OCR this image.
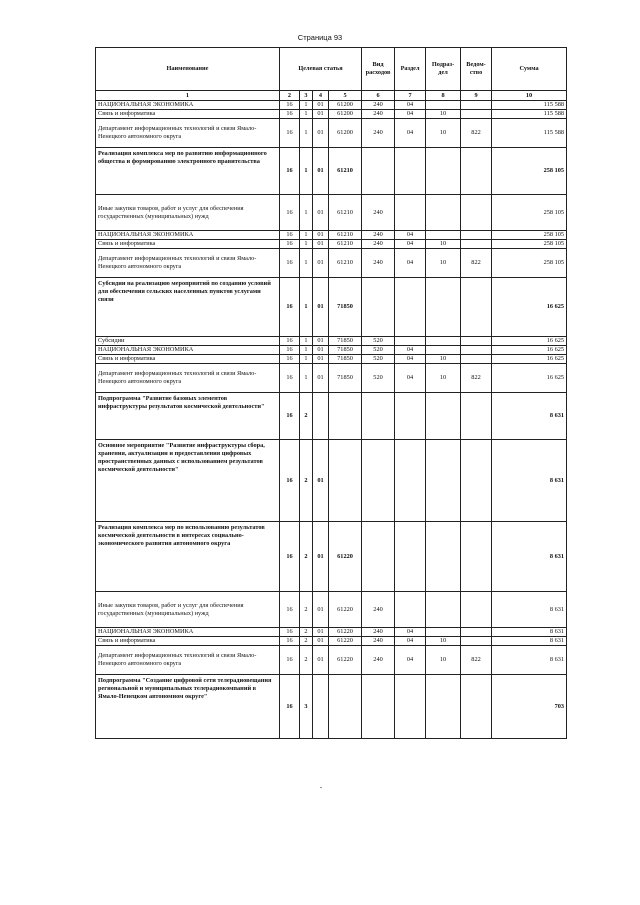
Страница 93
Наименование	Целевая статья				Вид расходов	Раздел	Подраз-дел	Ведом-ство	Сумма
1	2	3	4	5	6	7	8	9	10
НАЦИОНАЛЬНАЯ ЭКОНОМИКА	16	1	01	61200	240	04			115 588
Связь и информатика	16	1	01	61200	240	04	10		115 588
Департамент информационных технологий и связи Ямало-Ненецкого автономного округа	16	1	01	61200	240	04	10	822	115 588
Реализация комплекса мер по развитию информационного общества и формированию электронного правительства	16	1	01	61210					258 105
Иные закупки товаров, работ и услуг для обеспечения государственных (муниципальных) нужд	16	1	01	61210	240				258 105
НАЦИОНАЛЬНАЯ ЭКОНОМИКА	16	1	01	61210	240	04			258 105
Связь и информатика	16	1	01	61210	240	04	10		258 105
Департамент информационных технологий и связи Ямало-Ненецкого автономного округа	16	1	01	61210	240	04	10	822	258 105
Субсидии на реализацию мероприятий по созданию условий для обеспечения сельских населенных пунктов услугами связи	16	1	01	71850					16 625
Субсидии	16	1	01	71850	520				16 625
НАЦИОНАЛЬНАЯ ЭКОНОМИКА	16	1	01	71850	520	04			16 625
Связь и информатика	16	1	01	71850	520	04	10		16 625
Департамент информационных технологий и связи Ямало-Ненецкого автономного округа	16	1	01	71850	520	04	10	822	16 625
Подпрограмма "Развитие базовых элементов инфраструктуры результатов космической деятельности"	16	2							8 631
Основное мероприятие "Развитие инфраструктуры сбора, хранения, актуализации и предоставления цифровых пространственных данных с использованием результатов космической деятельности"	16	2	01						8 631
Реализация комплекса мер по использованию результатов космической деятельности в интересах социально-экономического развития автономного округа	16	2	01	61220					8 631
Иные закупки товаров, работ и услуг для обеспечения государственных (муниципальных) нужд	16	2	01	61220	240				8 631
НАЦИОНАЛЬНАЯ ЭКОНОМИКА	16	2	01	61220	240	04			8 631
Связь и информатика	16	2	01	61220	240	04	10		8 631
Департамент информационных технологий и связи Ямало-Ненецкого автономного округа	16	2	01	61220	240	04	10	822	8 631
Подпрограмма "Создание цифровой сети телерадиовещания региональной и муниципальных телерадиокомпаний в Ямало-Ненецком автономном округе"	16	3							703
